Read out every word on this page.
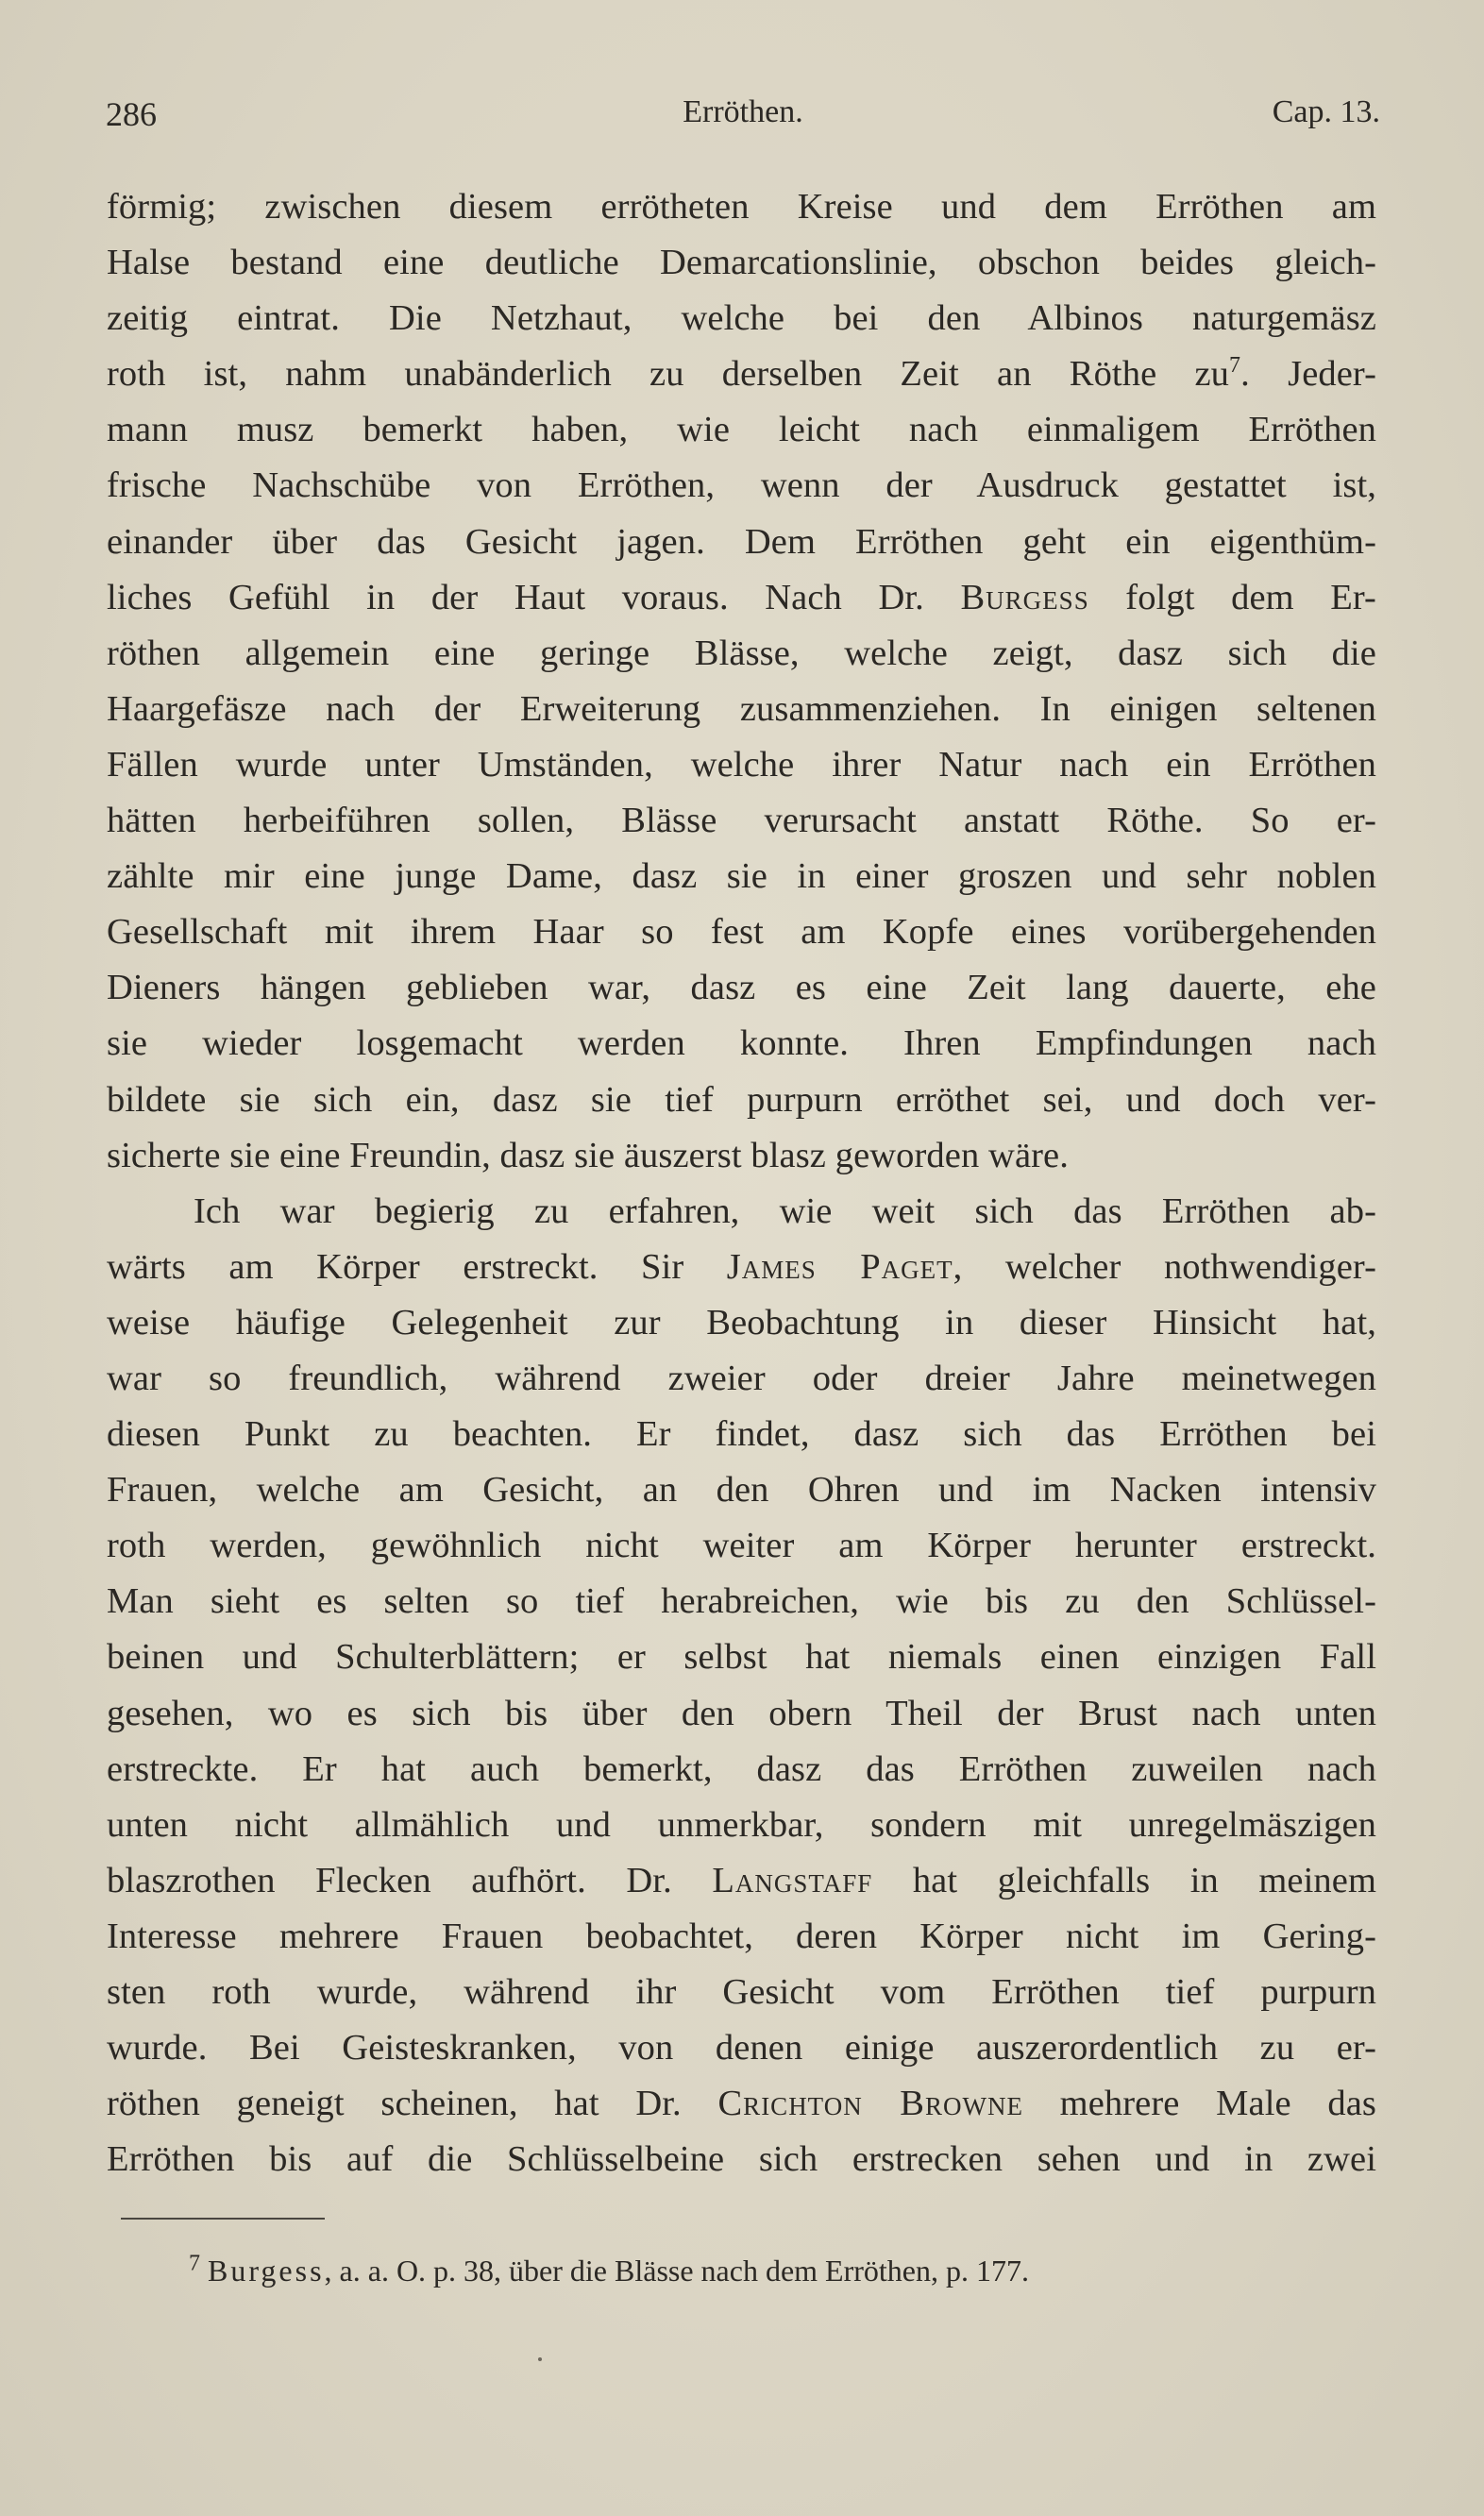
286	Erröthen.	Cap. 13.

förmig; zwischen diesem errötheten Kreise und dem Erröthen am

Halse bestand eine deutliche Demarcationslinie, obschon beides gleich-

zeitig eintrat. Die Netzhaut, welche bei den Albinos naturgemäsz

roth ist, nahm unabänderlich zu derselben Zeit an Röthe $zu^7$. Jeder-

mann musz bemerkt haben, wie leicht nach einmaligem Erröthen

frische Nachschübe von Erröthen, wenn der Ausdruck gestattet ist,

einander über das Gesicht jagen. Dem Erröthen geht ein eigenthüm-

liches Gefühl in der Haut voraus. Nach Dr. Burgess folgt dem Er-

röthen allgemein eine geringe Blässe, welche zeigt, dasz sich die

Haargefäsze nach der Erweiterung zusammenziehen. In einigen seltenen

Fällen wurde unter Umständen, welche ihrer Natur nach ein Erröthen

hätten herbeiführen sollen, Blässe verursacht anstatt Röthe. So er-

zählte mir eine junge Dame, dasz sie in einer groszen und sehr noblen

Gesellschaft mit ihrem Haar so fest am Kopfe eines vorübergehenden

Dieners hängen geblieben war, dasz es eine Zeit lang dauerte, ehe

sie wieder losgemacht werden konnte. Ihren Empfindungen nach

bildete sie sich ein, dasz sie tief purpurn erröthet sei, und doch ver-

sicherte sie eine Freundin, dasz sie äuszerst blasz geworden wäre.

Ich war begierig zu erfahren, wie weit sich das Erröthen ab-

wärts am Körper erstreckt. Sir James Paget, welcher nothwendiger-

weise häufige Gelegenheit zur Beobachtung in dieser Hinsicht hat,

war so freundlich, während zweier oder dreier Jahre meinetwegen

diesen Punkt zu beachten. Er findet, dasz sich das Erröthen bei

Frauen, welche am Gesicht, an den Ohren und im Nacken intensiv

roth werden, gewöhnlich nicht weiter am Körper herunter erstreckt.

Man sieht es selten so tief herabreichen, wie bis zu den Schlüssel-

beinen und Schulterblättern; er selbst hat niemals einen einzigen Fall

gesehen, wo es sich bis über den obern Theil der Brust nach unten

erstreckte. Er hat auch bemerkt, dasz das Erröthen zuweilen nach

unten nicht allmählich und unmerkbar, sondern mit unregelmäszigen

blaszrothen Flecken aufhört. Dr. Langstaff hat gleichfalls in meinem

Interesse mehrere Frauen beobachtet, deren Körper nicht im Gering-

sten roth wurde, während ihr Gesicht vom Erröthen tief purpurn

wurde. Bei Geisteskranken, von denen einige auszerordentlich zu er-

röthen geneigt scheinen, hat Dr. Crichton Browne mehrere Male das

Erröthen bis auf die Schlüsselbeine sich erstrecken sehen und in zwei

$^7$ Burgess, a. a. O. p. 38, über die Blässe nach dem Erröthen, p. 177.
